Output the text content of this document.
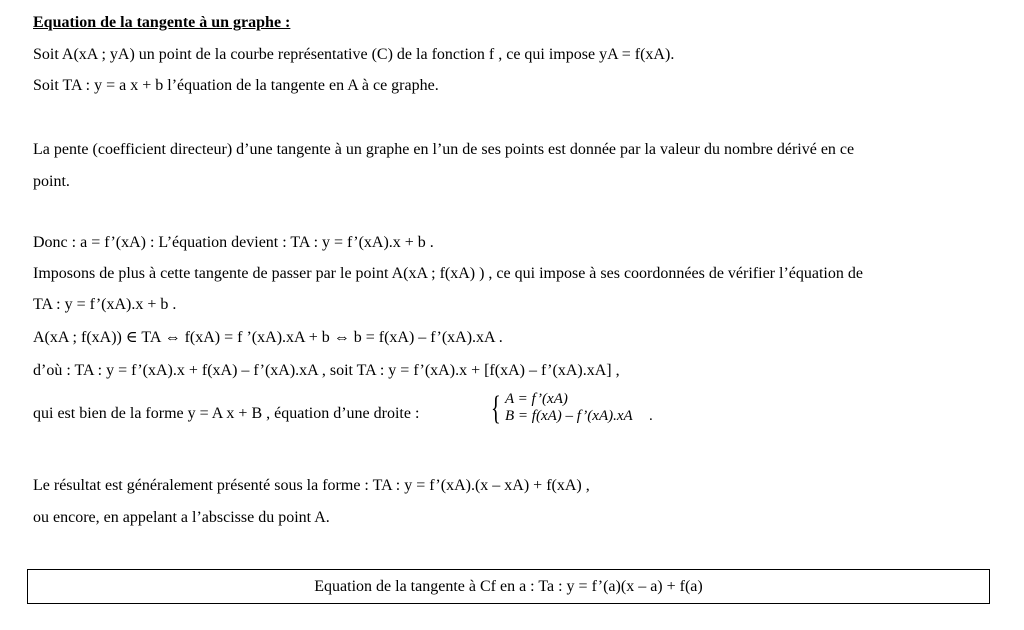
Equation de la tangente à un graphe :
Soit A(xA ; yA) un point de la courbe représentative (C) de la fonction f , ce qui impose yA = f(xA).
Soit TA : y = a x + b l’équation de la tangente en A à ce graphe.
La pente (coefficient directeur) d’une tangente à un graphe en l’un de ses points est donnée par la valeur du nombre dérivé en ce
point.
Donc : a = f’(xA) : L’équation devient : TA : y = f’(xA).x + b .
Imposons de plus à cette tangente de passer par le point A(xA ; f(xA) ) , ce qui impose à ses coordonnées de vérifier l’équation de
TA : y = f’(xA).x + b .
A(xA ; f(xA)) ∈ TA ⇔ f(xA) = f ’(xA).xA + b ⇔ b = f(xA) – f’(xA).xA .
d’où : TA : y = f’(xA).x + f(xA) – f’(xA).xA , soit TA : y = f’(xA).x + [f(xA) – f’(xA).xA] ,
qui est bien de la forme y = A x + B , équation d’une droite : { A = f’(xA)
B = f(xA) – f’(xA).xA .
Le résultat est généralement présenté sous la forme : TA : y = f’(xA).(x – xA) + f(xA) ,
ou encore, en appelant a l’abscisse du point A.
Equation de la tangente à Cf en a : Ta : y = f’(a)(x – a) + f(a)
